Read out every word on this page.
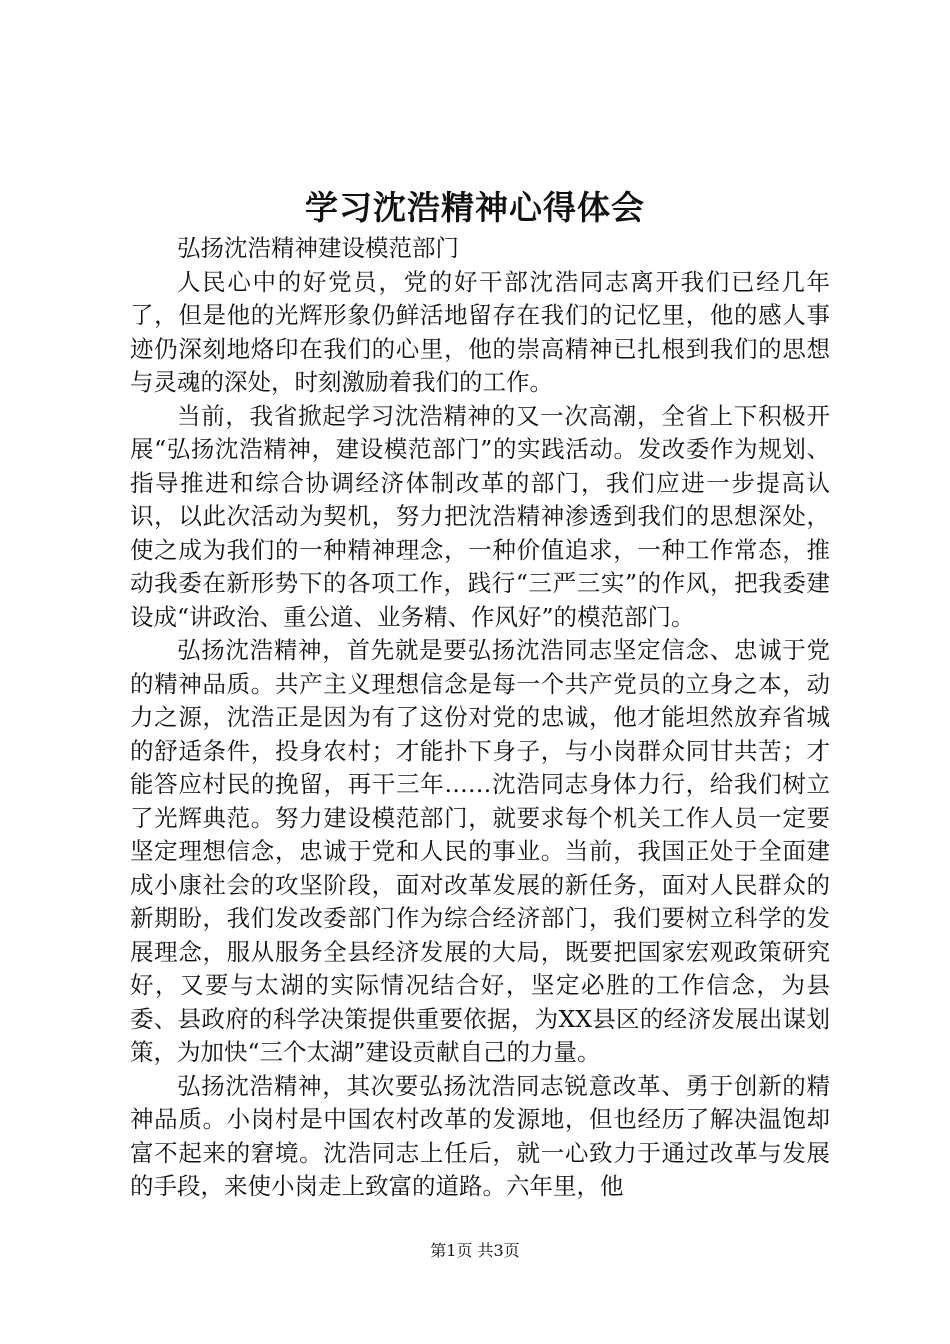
学习沈浩精神心得体会

弘扬沈浩精神建设模范部门

人民心中的好党员，党的好干部沈浩同志离开我们已经几年了，但是他的光辉形象仍鲜活地留存在我们的记忆里，他的感人事迹仍深刻地烙印在我们的心里，他的崇高精神已扎根到我们的思想与灵魂的深处，时刻激励着我们的工作。

当前，我省掀起学习沈浩精神的又一次高潮，全省上下积极开展“弘扬沈浩精神，建设模范部门”的实践活动。发改委作为规划、指导推进和综合协调经济体制改革的部门，我们应进一步提高认识，以此次活动为契机，努力把沈浩精神渗透到我们的思想深处，使之成为我们的一种精神理念，一种价值追求，一种工作常态，推动我委在新形势下的各项工作，践行“三严三实”的作风，把我委建设成“讲政治、重公道、业务精、作风好”的模范部门。

弘扬沈浩精神，首先就是要弘扬沈浩同志坚定信念、忠诚于党的精神品质。共产主义理想信念是每一个共产党员的立身之本，动力之源，沈浩正是因为有了这份对党的忠诚，他才能坦然放弃省城的舒适条件，投身农村；才能扑下身子，与小岗群众同甘共苦；才能答应村民的挽留，再干三年……沈浩同志身体力行，给我们树立了光辉典范。努力建设模范部门，就要求每个机关工作人员一定要坚定理想信念，忠诚于党和人民的事业。当前，我国正处于全面建成小康社会的攻坚阶段，面对改革发展的新任务，面对人民群众的新期盼，我们发改委部门作为综合经济部门，我们要树立科学的发展理念，服从服务全县经济发展的大局，既要把国家宏观政策研究好，又要与太湖的实际情况结合好，坚定必胜的工作信念，为县委、县政府的科学决策提供重要依据，为XX县区的经济发展出谋划策，为加快“三个太湖”建设贡献自己的力量。

弘扬沈浩精神，其次要弘扬沈浩同志锐意改革、勇于创新的精神品质。小岗村是中国农村改革的发源地，但也经历了解决温饱却富不起来的窘境。沈浩同志上任后，就一心致力于通过改革与发展的手段，来使小岗走上致富的道路。六年里，他

第1页 共3页
